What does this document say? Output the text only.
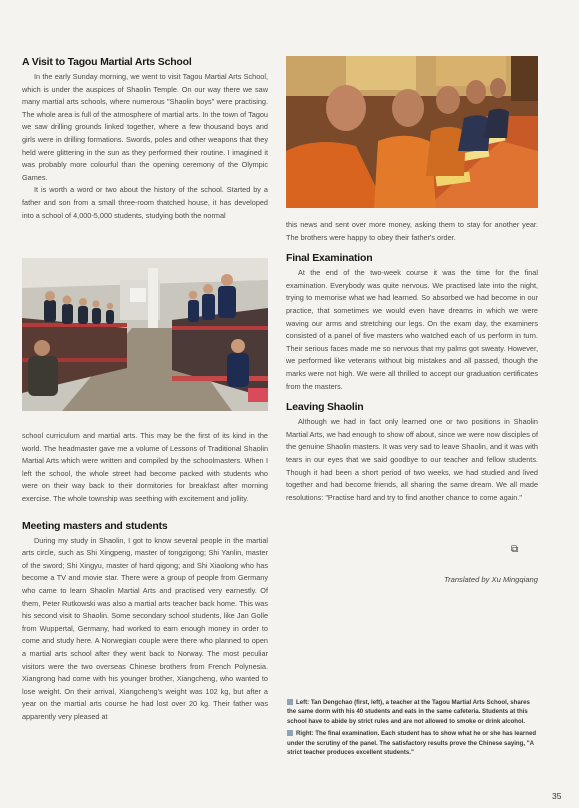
A Visit to Tagou Martial Arts School

In the early Sunday morning, we went to visit Tagou Martial Arts School, which is under the auspices of Shaolin Temple. On our way there we saw many martial arts schools, where numerous "Shaolin boys" were practising. The whole area is full of the atmosphere of martial arts. In the town of Tagou we saw drilling grounds linked together, where a few thousand boys and girls were in drilling formations. Swords, poles and other weapons that they held were glittering in the sun as they performed their routine. I imagined it was probably more colourful than the opening ceremony of the Olympic Games.

It is worth a word or two about the history of the school. Started by a father and son from a small three-room thatched house, it has developed into a school of 4,000-5,000 students, studying both the normal

school curriculum and martial arts. This may be the first of its kind in the world. The headmaster gave me a volume of Lessons of Traditional Shaolin Martial Arts which were written and compiled by the schoolmasters. When I left the school, the whole street had become packed with students who were on their way back to their dormitories for breakfast after morning exercise. The whole township was seething with excitement and jollity.

Meeting masters and students

During my study in Shaolin, I got to know several people in the martial arts circle, such as Shi Xingpeng, master of tongzigong; Shi Yanlin, master of the sword; Shi Xingyu, master of hard qigong; and Shi Xiaolong who has become a TV and movie star. There were a group of people from Germany who came to learn Shaolin Martial Arts and practised very earnestly. Of them, Peter Rutkowski was also a martial arts teacher back home. This was his second visit to Shaolin. Some secondary school students, like Jan Golle from Wuppertal, Germany, had worked to earn enough money in order to come and study here. A Norwegian couple were there who planned to open a martial arts school after they went back to Norway. The most peculiar visitors were the two overseas Chinese brothers from French Polynesia. Xiangrong had come with his younger brother, Xiangcheng, who wanted to lose weight. On their arrival, Xiangcheng's weight was 102 kg, but after a year on the martial arts course he had lost over 20 kg. Their father was apparently very pleased at

this news and sent over more money, asking them to stay for another year. The brothers were happy to obey their father's order.

Final Examination

At the end of the two-week course it was the time for the final examination. Everybody was quite nervous. We practised late into the night, trying to memorise what we had learned. So absorbed we had become in our practice, that sometimes we would even have dreams in which we were waving our arms and stretching our legs. On the exam day, the examiners consisted of a panel of five masters who watched each of us perform in turn. Their serious faces made me so nervous that my palms got sweaty. However, we performed like veterans without big mistakes and all passed, though the marks were not high. We were all thrilled to accept our graduation certificates from the masters.

Leaving Shaolin

Although we had in fact only learned one or two positions in Shaolin Martial Arts, we had enough to show off about, since we were now disciples of the genuine Shaolin masters. It was very sad to leave Shaolin, and it was with tears in our eyes that we said goodbye to our teacher and fellow students. Though it had been a short period of two weeks, we had studied and lived together and had become friends, all sharing the same dream. We all made resolutions: "Practise hard and try to find another chance to come again."

⧉
Translated by Xu Mingqiang
Left: Tan Dengchao (first, left), a teacher at the Tagou Martial Arts School, shares the same dorm with his 40 students and eats in the same cafeteria. Students at this school have to abide by strict rules and are not allowed to smoke or drink alcohol.
Right: The final examination. Each student has to show what he or she has learned under the scrutiny of the panel. The satisfactory results prove the Chinese saying, "A strict teacher produces excellent students."
35
